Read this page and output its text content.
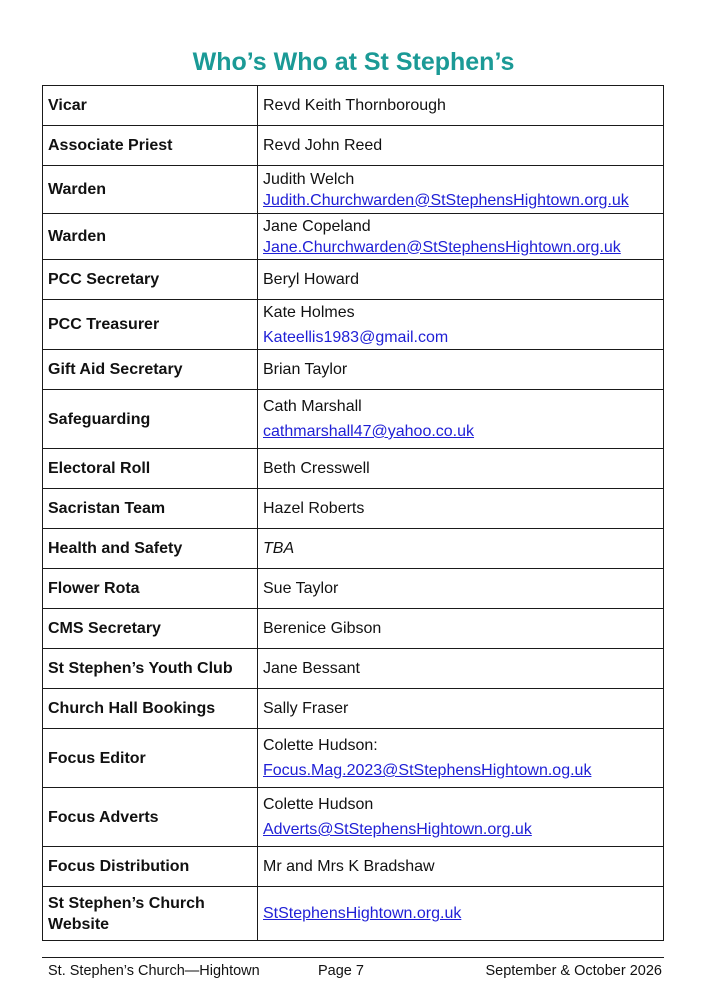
Who’s Who at St Stephen’s
Vicar	Revd Keith Thornborough
Associate Priest	Revd John Reed
Warden	Judith Welch
Judith.Churchwarden@StStephensHightown.org.uk

Warden	Jane Copeland
Jane.Churchwarden@StStephensHightown.org.uk

PCC Secretary	Beryl Howard
PCC Treasurer	Kate Holmes
Kateellis1983@gmail.com

Gift Aid Secretary	Brian Taylor
Safeguarding	Cath Marshall
cathmarshall47@yahoo.co.uk

Electoral Roll	Beth Cresswell
Sacristan Team	Hazel Roberts
Health and Safety	TBA
Flower Rota	Sue Taylor
CMS Secretary	Berenice Gibson
St Stephen’s Youth Club	Jane Bessant
Church Hall Bookings	Sally Fraser
Focus Editor	Colette Hudson:
Focus.Mag.2023@StStephensHightown.og.uk

Focus Adverts	Colette Hudson
Adverts@StStephensHightown.org.uk

Focus Distribution	Mr and Mrs K Bradshaw
St Stephen’s Church Website	StStephensHightown.org.uk
St. Stephen’s Church—Hightown	Page 7	September & October 2026
